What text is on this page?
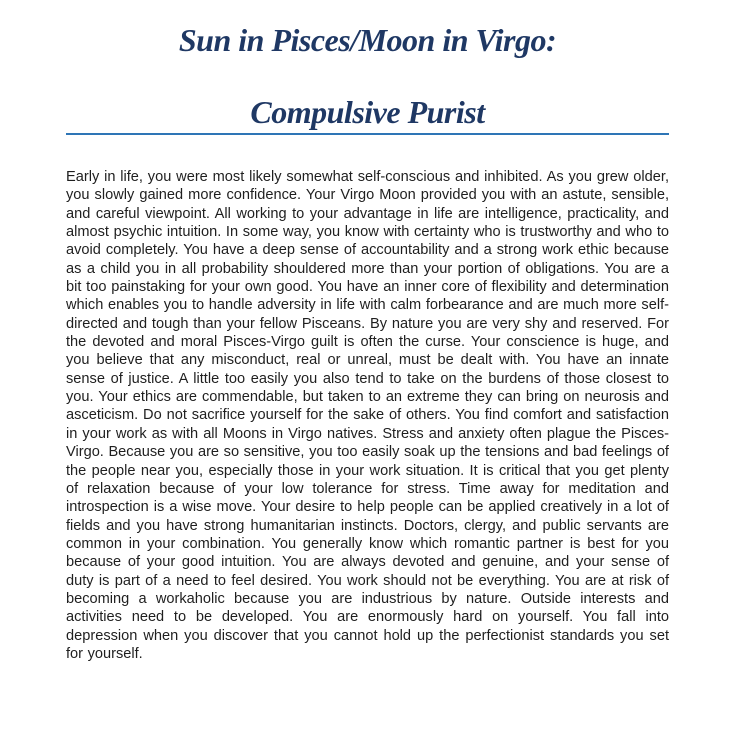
Sun in Pisces/Moon in Virgo:
Compulsive Purist

Early in life, you were most likely somewhat self-conscious and inhibited. As you grew older, you slowly gained more confidence. Your Virgo Moon provided you with an astute, sensible, and careful viewpoint. All working to your advantage in life are intelligence, practicality, and almost psychic intuition. In some way, you know with certainty who is trustworthy and who to avoid completely. You have a deep sense of accountability and a strong work ethic because as a child you in all probability shouldered more than your portion of obligations. You are a bit too painstaking for your own good. You have an inner core of flexibility and determination which enables you to handle adversity in life with calm forbearance and are much more self-directed and tough than your fellow Pisceans. By nature you are very shy and reserved. For the devoted and moral Pisces-Virgo guilt is often the curse. Your conscience is huge, and you believe that any misconduct, real or unreal, must be dealt with. You have an innate sense of justice. A little too easily you also tend to take on the burdens of those closest to you. Your ethics are commendable, but taken to an extreme they can bring on neurosis and asceticism. Do not sacrifice yourself for the sake of others. You find comfort and satisfaction in your work as with all Moons in Virgo natives. Stress and anxiety often plague the Pisces-Virgo. Because you are so sensitive, you too easily soak up the tensions and bad feelings of the people near you, especially those in your work situation. It is critical that you get plenty of relaxation because of your low tolerance for stress. Time away for meditation and introspection is a wise move. Your desire to help people can be applied creatively in a lot of fields and you have strong humanitarian instincts. Doctors, clergy, and public servants are common in your combination. You generally know which romantic partner is best for you because of your good intuition. You are always devoted and genuine, and your sense of duty is part of a need to feel desired. You work should not be everything. You are at risk of becoming a workaholic because you are industrious by nature. Outside interests and activities need to be developed. You are enormously hard on yourself. You fall into depression when you discover that you cannot hold up the perfectionist standards you set for yourself.
